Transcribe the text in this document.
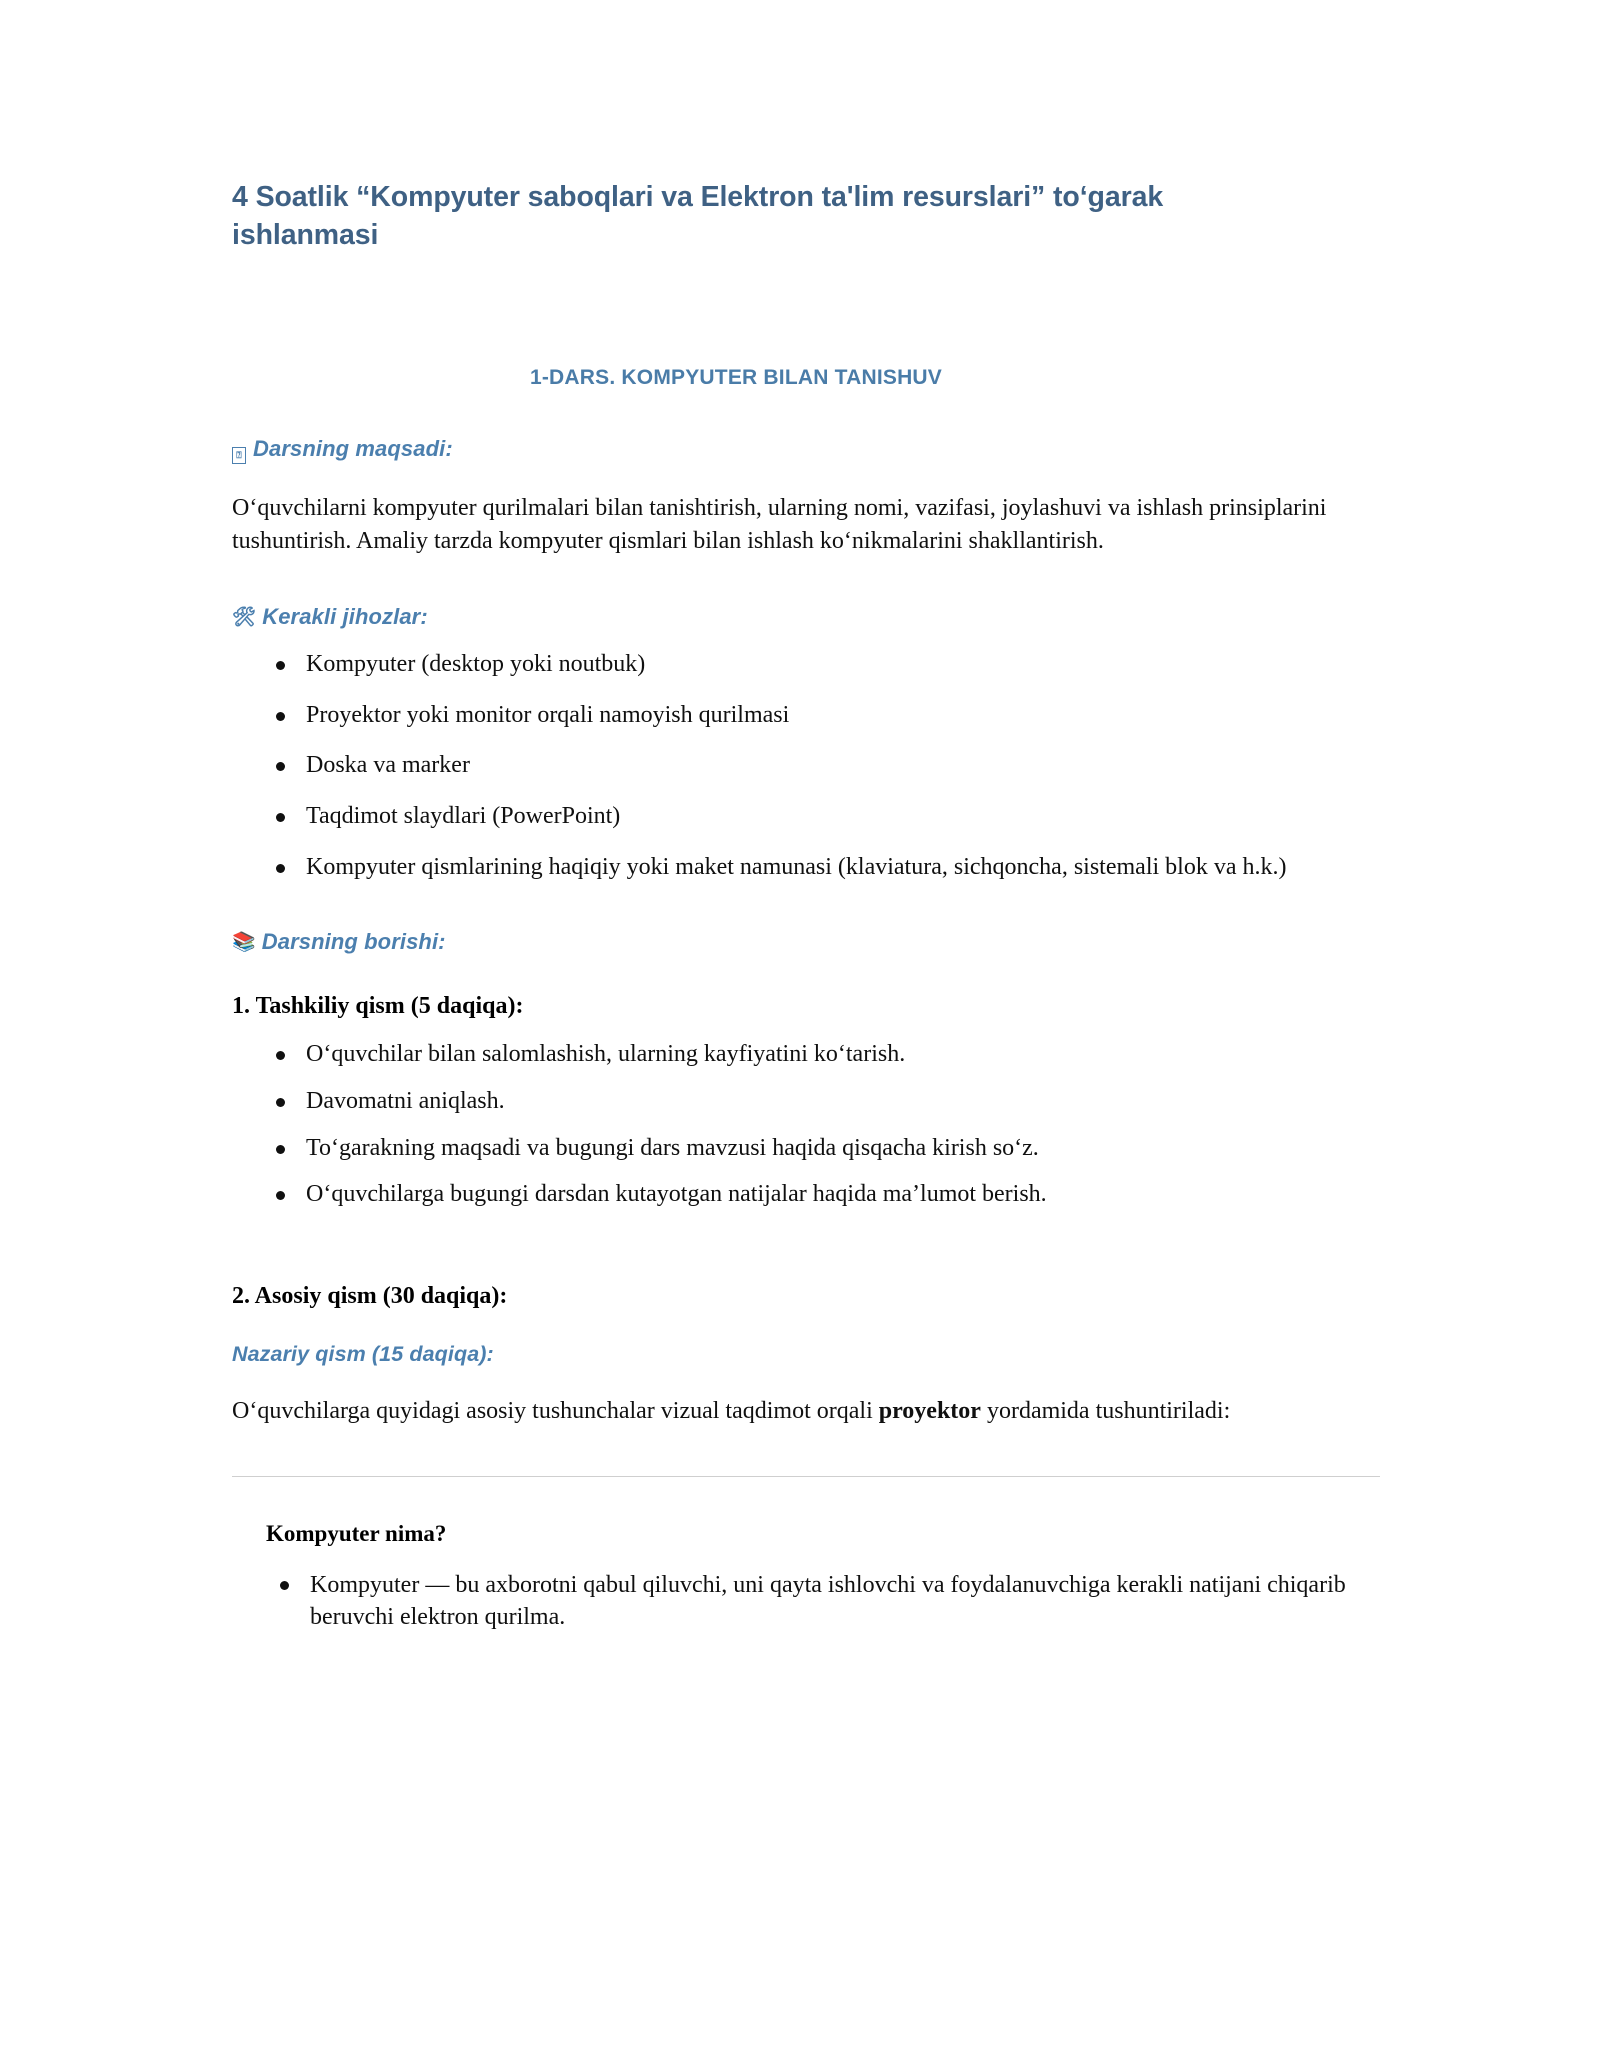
4 Soatlik “Kompyuter saboqlari va Elektron ta'lim resurslari” to‘garak ishlanmasi
1-DARS. KOMPYUTER BILAN TANISHUV
⍰ Darsning maqsadi:

O‘quvchilarni kompyuter qurilmalari bilan tanishtirish, ularning nomi, vazifasi, joylashuvi va ishlash prinsiplarini tushuntirish. Amaliy tarzda kompyuter qismlari bilan ishlash ko‘nikmalarini shakllantirish.

🛠 Kerakli jihozlar:
Kompyuter (desktop yoki noutbuk)
Proyektor yoki monitor orqali namoyish qurilmasi
Doska va marker
Taqdimot slaydlari (PowerPoint)
Kompyuter qismlarining haqiqiy yoki maket namunasi (klaviatura, sichqoncha, sistemali blok va h.k.)
📚 Darsning borishi:
1. Tashkiliy qism (5 daqiqa):
O‘quvchilar bilan salomlashish, ularning kayfiyatini ko‘tarish.
Davomatni aniqlash.
To‘garakning maqsadi va bugungi dars mavzusi haqida qisqacha kirish so‘z.
O‘quvchilarga bugungi darsdan kutayotgan natijalar haqida ma’lumot berish.
2. Asosiy qism (30 daqiqa):
Nazariy qism (15 daqiqa):

O‘quvchilarga quyidagi asosiy tushunchalar vizual taqdimot orqali proyektor yordamida tushuntiriladi:

Kompyuter nima?
Kompyuter — bu axborotni qabul qiluvchi, uni qayta ishlovchi va foydalanuvchiga kerakli natijani chiqarib beruvchi elektron qurilma.
